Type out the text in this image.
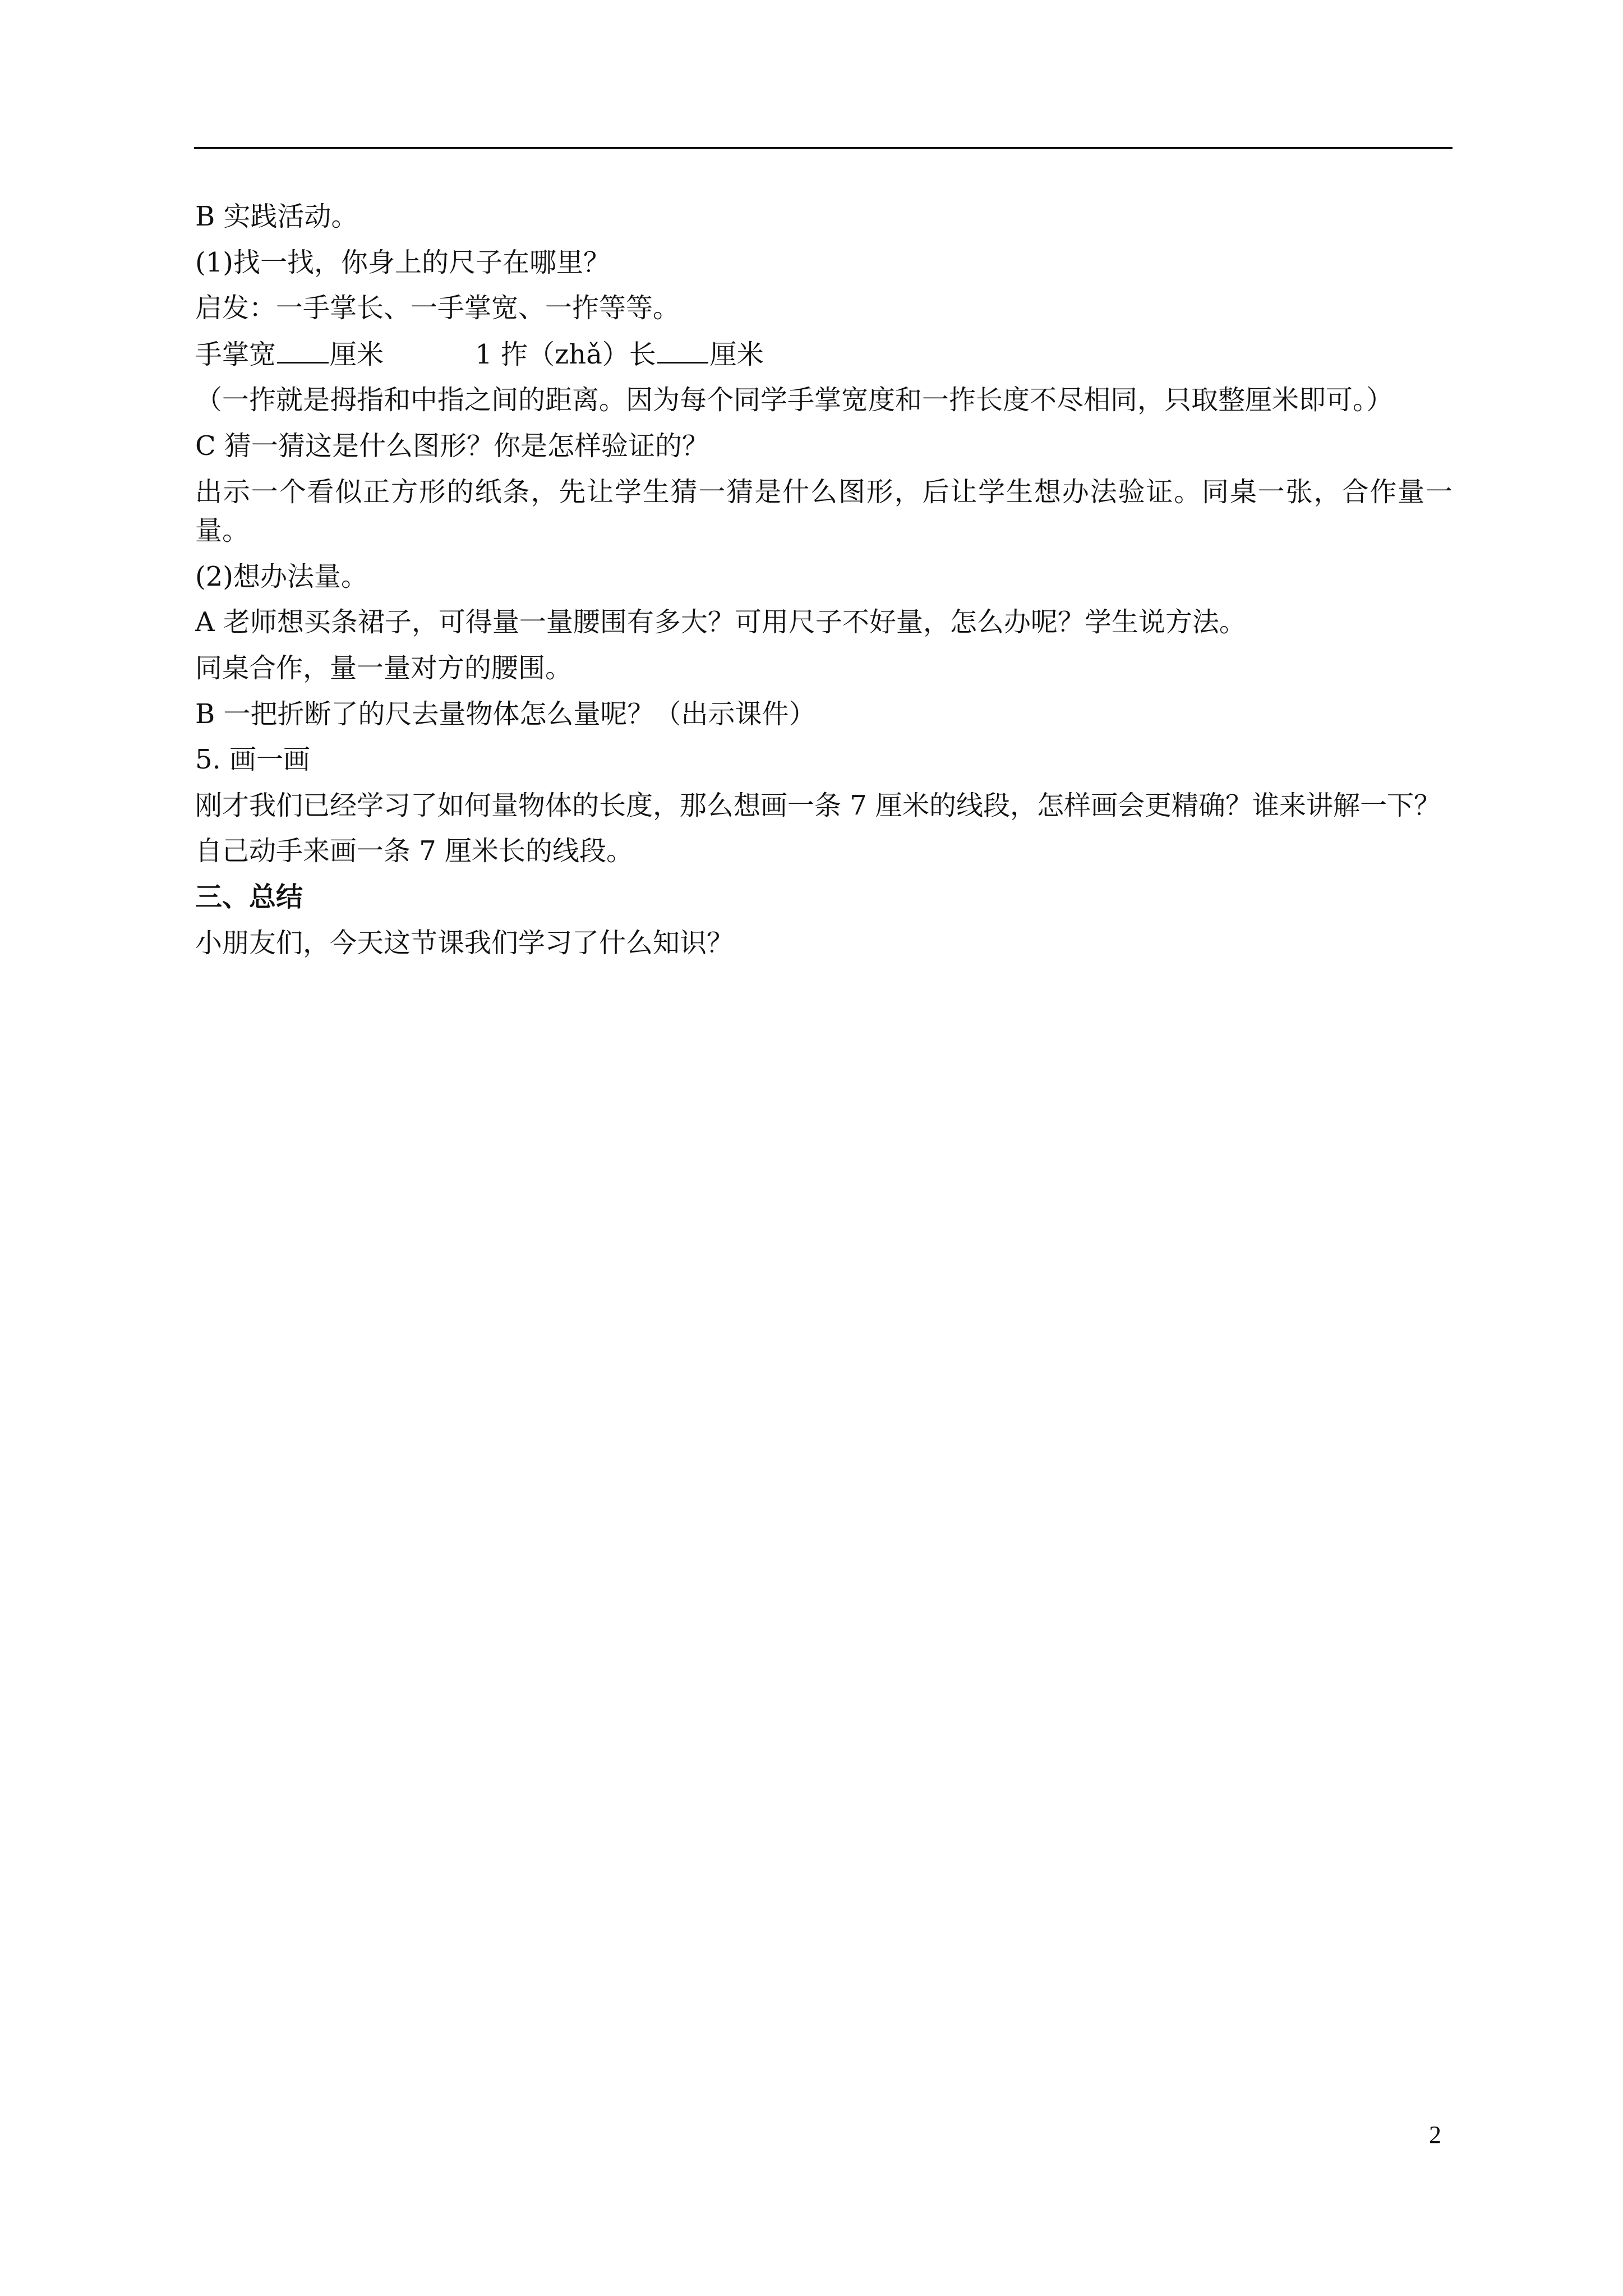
B 实践活动。

(1)找一找，你身上的尺子在哪里？

启发：一手掌长、一手掌宽、一拃等等。

手掌宽 厘米	1 拃（zhǎ）长 厘米

（一拃就是拇指和中指之间的距离。因为每个同学手掌宽度和一拃长度不尽相同，只取整厘米即可。）

C 猜一猜这是什么图形？你是怎样验证的？

出示一个看似正方形的纸条，先让学生猜一猜是什么图形，后让学生想办法验证。同桌一张，合作量一量。

(2)想办法量。

A 老师想买条裙子，可得量一量腰围有多大？可用尺子不好量，怎么办呢？学生说方法。

同桌合作，量一量对方的腰围。

B 一把折断了的尺去量物体怎么量呢？（出示课件）

5. 画一画

刚才我们已经学习了如何量物体的长度，那么想画一条 7 厘米的线段，怎样画会更精确？谁来讲解一下？

自己动手来画一条 7 厘米长的线段。

三、总结

小朋友们，今天这节课我们学习了什么知识？

2
